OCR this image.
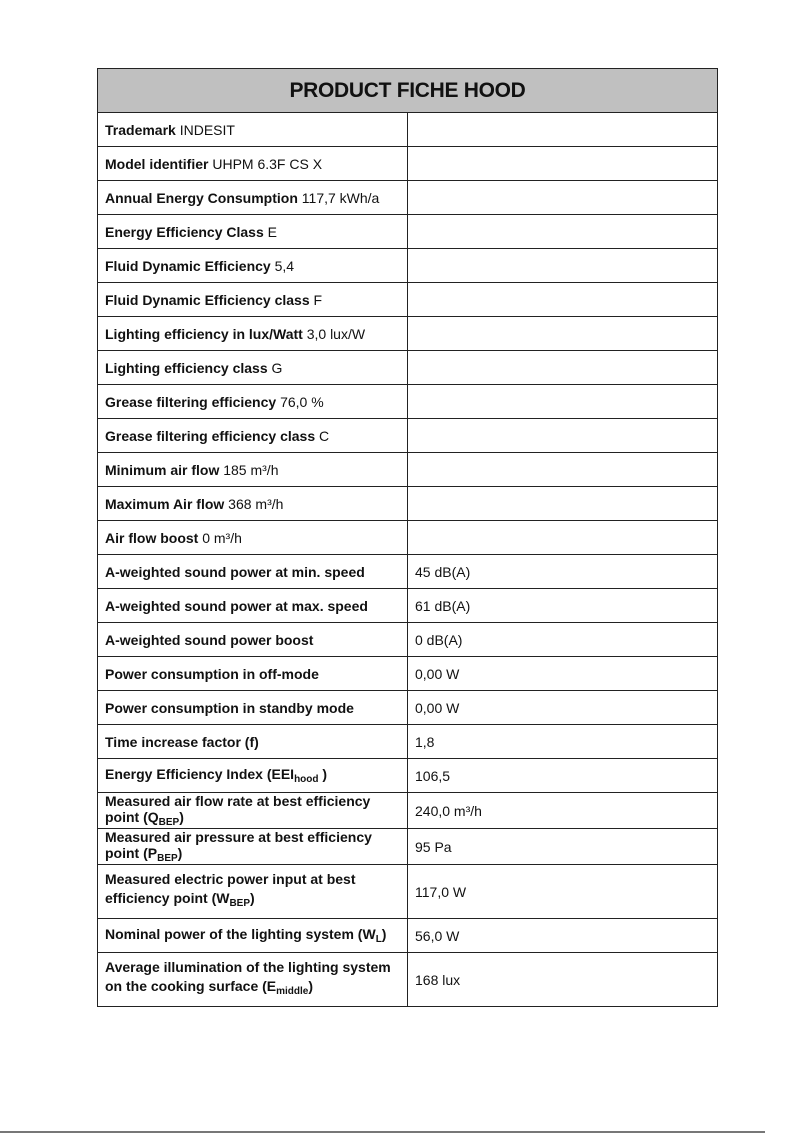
PRODUCT FICHE HOOD	
Trademark INDESIT	
Model identifier UHPM 6.3F CS X	
Annual Energy Consumption 117,7 kWh/a	
Energy Efficiency Class E	
Fluid Dynamic Efficiency 5,4	
Fluid Dynamic Efficiency class F	
Lighting efficiency in lux/Watt 3,0 lux/W	
Lighting efficiency class G	
Grease filtering efficiency 76,0 %	
Grease filtering efficiency class C	
Minimum air flow 185 m³/h	
Maximum Air flow 368 m³/h	
Air flow boost 0 m³/h	
A-weighted sound power at min. speed	45 dB(A)
A-weighted sound power at max. speed	61 dB(A)
A-weighted sound power boost	0 dB(A)
Power consumption in off-mode	0,00 W
Power consumption in standby mode	0,00 W
Time increase factor (f)	1,8
Energy Efficiency Index ($EEI_{hood}$ )	106,5
Measured air flow rate at best efficiency point $(Q_{BEP})$	240,0 m³/h
Measured air pressure at best efficiency point $(P_{BEP})$	95 Pa
Measured electric power input at best efficiency point $(W_{BEP})$	117,0 W
Nominal power of the lighting system $(W_L)$	56,0 W
Average illumination of the lighting system on the cooking surface $(E_{middle})$	168 lux
